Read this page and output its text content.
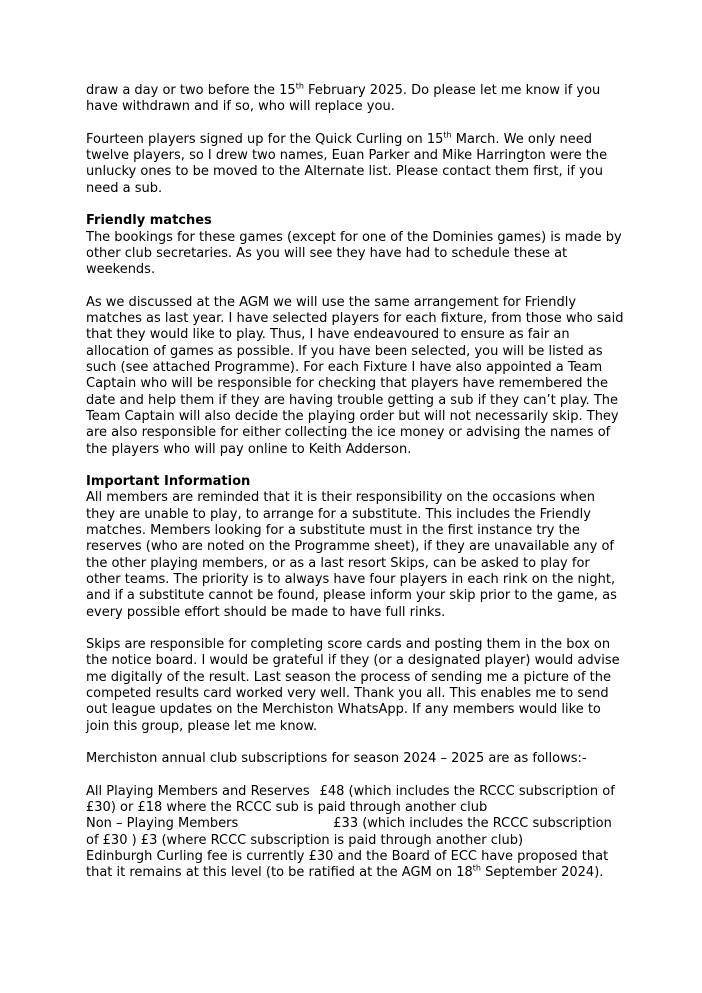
draw a day or two before the 15th February 2025. Do please let me know if you have withdrawn and if so, who will replace you.

Fourteen players signed up for the Quick Curling on 15th March. We only need twelve players, so I drew two names, Euan Parker and Mike Harrington were the unlucky ones to be moved to the Alternate list. Please contact them first, if you need a sub.

Friendly matches
The bookings for these games (except for one of the Dominies games) is made by other club secretaries. As you will see they have had to schedule these at weekends.

As we discussed at the AGM we will use the same arrangement for Friendly matches as last year. I have selected players for each fixture, from those who said that they would like to play. Thus, I have endeavoured to ensure as fair an allocation of games as possible. If you have been selected, you will be listed as such (see attached Programme). For each Fixture I have also appointed a Team Captain who will be responsible for checking that players have remembered the date and help them if they are having trouble getting a sub if they can’t play. The Team Captain will also decide the playing order but will not necessarily skip. They are also responsible for either collecting the ice money or advising the names of the players who will pay online to Keith Adderson.

Important Information
All members are reminded that it is their responsibility on the occasions when they are unable to play, to arrange for a substitute. This includes the Friendly matches. Members looking for a substitute must in the first instance try the reserves (who are noted on the Programme sheet), if they are unavailable any of the other playing members, or as a last resort Skips, can be asked to play for other teams. The priority is to always have four players in each rink on the night, and if a substitute cannot be found, please inform your skip prior to the game, as every possible effort should be made to have full rinks.

Skips are responsible for completing score cards and posting them in the box on the notice board. I would be grateful if they (or a designated player) would advise me digitally of the result. Last season the process of sending me a picture of the competed results card worked very well. Thank you all. This enables me to send out league updates on the Merchiston WhatsApp. If any members would like to join this group, please let me know.

Merchiston annual club subscriptions for season 2024 – 2025 are as follows:-

All Playing Members and Reserves £48 (which includes the RCCC subscription of £30) or £18 where the RCCC sub is paid through another club

Non – Playing Members	£33 (which includes the RCCC subscription of £30 ) £3 (where RCCC subscription is paid through another club)

Edinburgh Curling fee is currently £30 and the Board of ECC have proposed that that it remains at this level (to be ratified at the AGM on 18th September 2024).
